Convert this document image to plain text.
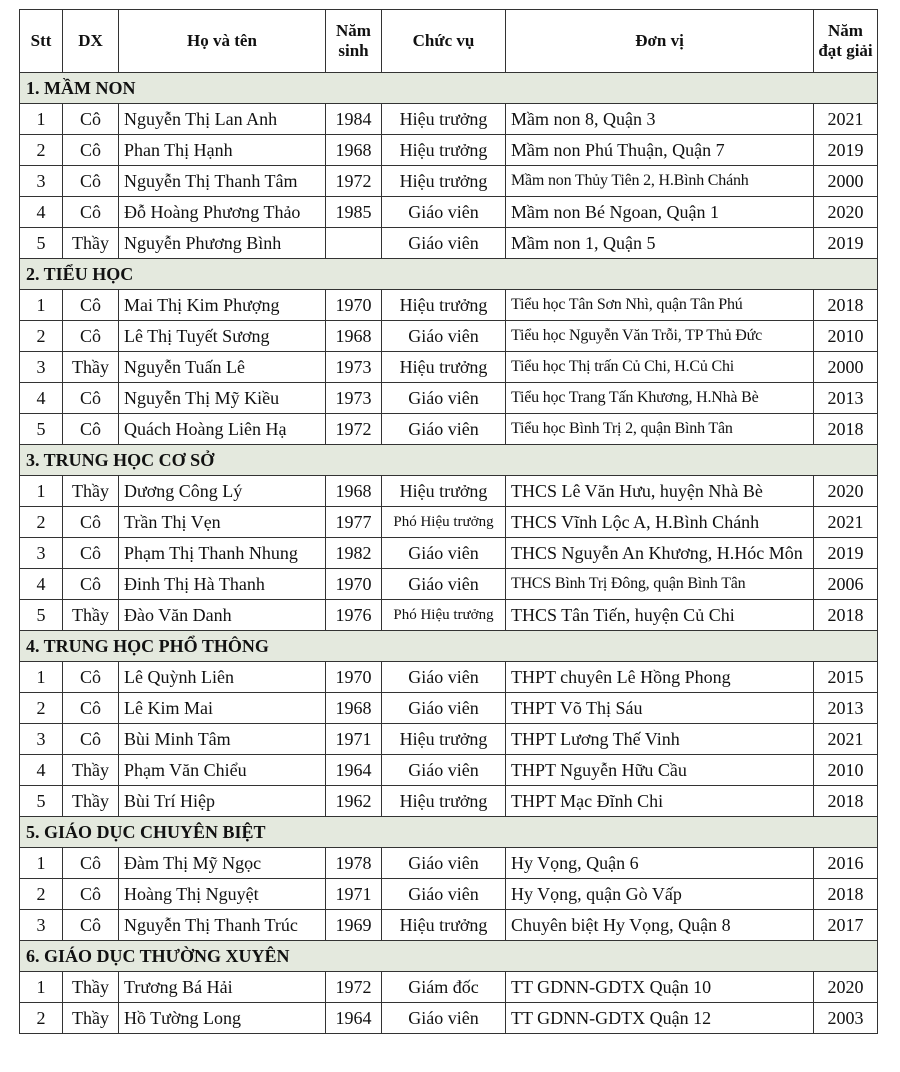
Stt	DX	Họ và tên	Năm sinh	Chức vụ	Đơn vị	Năm đạt giải
1. MẦM NON						
1	Cô	Nguyễn Thị Lan Anh	1984	Hiệu trưởng	Mầm non 8, Quận 3	2021
2	Cô	Phan Thị Hạnh	1968	Hiệu trưởng	Mầm non Phú Thuận, Quận 7	2019
3	Cô	Nguyễn Thị Thanh Tâm	1972	Hiệu trưởng	Mầm non Thủy Tiên 2, H.Bình Chánh	2000
4	Cô	Đỗ Hoàng Phương Thảo	1985	Giáo viên	Mầm non Bé Ngoan, Quận 1	2020
5	Thầy	Nguyễn Phương Bình		Giáo viên	Mầm non 1, Quận 5	2019
2. TIỂU HỌC						
1	Cô	Mai Thị Kim Phượng	1970	Hiệu trưởng	Tiểu học Tân Sơn Nhì, quận Tân Phú	2018
2	Cô	Lê Thị Tuyết Sương	1968	Giáo viên	Tiểu học Nguyễn Văn Trỗi, TP Thủ Đức	2010
3	Thầy	Nguyễn Tuấn Lê	1973	Hiệu trưởng	Tiểu học Thị trấn Củ Chi, H.Củ Chi	2000
4	Cô	Nguyễn Thị Mỹ Kiều	1973	Giáo viên	Tiểu học Trang Tấn Khương, H.Nhà Bè	2013
5	Cô	Quách Hoàng Liên Hạ	1972	Giáo viên	Tiểu học Bình Trị 2, quận Bình Tân	2018
3. TRUNG HỌC CƠ SỞ						
1	Thầy	Dương Công Lý	1968	Hiệu trưởng	THCS Lê Văn Hưu, huyện Nhà Bè	2020
2	Cô	Trần Thị Vẹn	1977	Phó Hiệu trưởng	THCS Vĩnh Lộc A, H.Bình Chánh	2021
3	Cô	Phạm Thị Thanh Nhung	1982	Giáo viên	THCS Nguyễn An Khương, H.Hóc Môn	2019
4	Cô	Đinh Thị Hà Thanh	1970	Giáo viên	THCS Bình Trị Đông, quận Bình Tân	2006
5	Thầy	Đào Văn Danh	1976	Phó Hiệu trưởng	THCS Tân Tiến, huyện Củ Chi	2018
4. TRUNG HỌC PHỔ THÔNG						
1	Cô	Lê Quỳnh Liên	1970	Giáo viên	THPT chuyên Lê Hồng Phong	2015
2	Cô	Lê Kim Mai	1968	Giáo viên	THPT Võ Thị Sáu	2013
3	Cô	Bùi Minh Tâm	1971	Hiệu trưởng	THPT Lương Thế Vinh	2021
4	Thầy	Phạm Văn Chiểu	1964	Giáo viên	THPT Nguyễn Hữu Cầu	2010
5	Thầy	Bùi Trí Hiệp	1962	Hiệu trưởng	THPT Mạc Đĩnh Chi	2018
5. GIÁO DỤC CHUYÊN BIỆT						
1	Cô	Đàm Thị Mỹ Ngọc	1978	Giáo viên	Hy Vọng, Quận 6	2016
2	Cô	Hoàng Thị Nguyệt	1971	Giáo viên	Hy Vọng, quận Gò Vấp	2018
3	Cô	Nguyễn Thị Thanh Trúc	1969	Hiệu trưởng	Chuyên biệt Hy Vọng, Quận 8	2017
6. GIÁO DỤC THƯỜNG XUYÊN						
1	Thầy	Trương Bá Hải	1972	Giám đốc	TT GDNN-GDTX Quận 10	2020
2	Thầy	Hồ Tường Long	1964	Giáo viên	TT GDNN-GDTX Quận 12	2003
